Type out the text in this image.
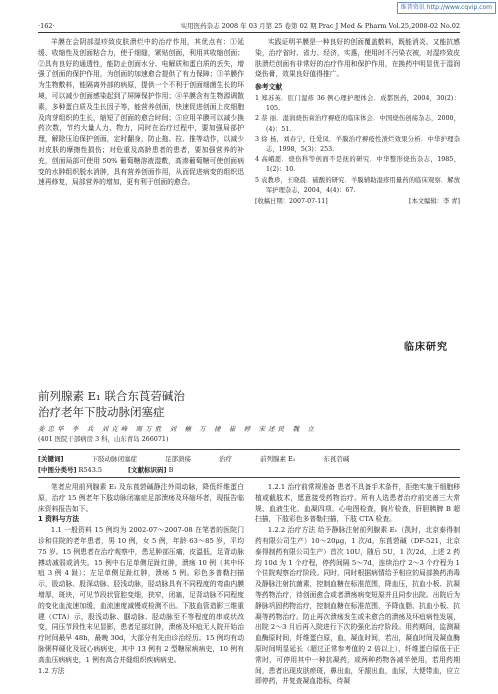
维普资讯 http://www.cqvip.com
·162·	实用医药杂志 2008 年 03 月第 25 卷第 02 期 Prac J Med & Pharm Vol.25,2008-02 No.02

羊膜在会阴部湿疹致皮肤溃烂中的治疗作用，其优点有：①延缓、收缩性及创面粘合力，使于细缝，紧贴创面，利用其收缩创面；②具有良好的通透性，能防止创面水分、电解质和蛋白质的丢失，增强了创面的保护作用，为创面的加速愈合提供了有力保障；③羊膜作为生物敷料，能隔离外部的病原，提供一个不利于创面细菌生长的环境，可以减少创面感染起到了屏障保护作用；④羊膜含有生物源调散素，多种蛋白质及生长因子等，能营养创面，快速促进创面上皮细胞及肉芽组织的生长，缩短了创面的愈合时间；⑤应用羊膜可以减少换药次数，节约大量人力、物力，同时在治疗过程中，要加强局部护理，解除压迫保护创面，定时翻身，防止拖、拉、推等动作，以减少对皮肤的摩擦性损伤；对危重及高龄患者的患者，要加强营养的补充，创面局部可使用 50% 葡萄糖溶液湿敷，高渗葡萄糖可使创面病变的水肿组织脱水消肿，具有营养创面作用，从而促进病变的组织迅速再修复，局部营养的增加，更有利于创面的愈合。

实践证明羊膜是一种良好的创面覆盖敷料，既能消炎、又能抗感染，治疗省时、省力、经济，实惠，使用时不污染衣被，对湿疹致皮肤溃烂创面有非常好的治疗作用和保护作用，在换药中明显优于湿润烧伤膏，效果良好值得推广。

参考文献
1 郑苏英．肛门湿疹 36 例心理护理体会．成都医药，2004，30(2)：105.
2 萘 丽．湿润烧伤膏治疗褥疮的临床体会．中国烧伤创疡杂志，2000，(4)：51.
3 徐 杨，刘春宁，任爱凤．羊膜治疗褥疮性溃烂效果分析．中华护理杂志，1998，5(3)：253.
4 高峨愿．烧伤科等创面不是抚的研究．中华整形烧伤杂志，1985，1(2)：10.
5 袁教珍，王晓晨．硫酸的研究．羊膜辅助湿疹用量药的临床观察．解放军护理杂志，2004，4(4)：67.
[收稿日期：2007-07-11]	[本文编辑：李 青]
临床研究
前列腺素 E₁ 联合东莨菪碱治
治疗老年下肢动脉闭塞症
姜忠华 李 兵 刘克峰 周万胜 刘 楠 万 捷 崔 婷 宋述民 魏 立
(401 医院干部病房 3 科，山东青岛 266071)
[关键词]	下肢动脉闭塞症	足部溃疡	治疗	前列腺素 E₁	东莨菪碱
[中图分类号] R543.5	[文献标识码] B

笔者应用前列腺素 E₁ 及东莨菪碱静注外周动脉，降低纤维蛋白原，治疗 15 例老年下肢动脉闭塞症足部溃疡及环缩坏者，现报告临床资料报告如下。

1 资料与方法

1.1 一般资料 15 例均为 2002-07～2007-08 在笔者的医院门诊和住院的老年患者，男 10 例，女 5 例，年龄 63～85 岁，平均 75 岁。15 例患者在治疗观察中，患足肿部压痛，皮温低，足背动脉搏动减弱或消失。15 例中右足单侧足趾红肿，溃疡 10 例（其中坏疽 3 例 4 趾）；左足单侧足趾红肿，溃疡 5 例。彩色多普勒扫描示，股动脉、股深动脉、胫浅动脉，胫动脉具有不同程度的弯曲内膜增厚，斑块，可见节段状管腔变细，狭窄，闭塞，足背动脉不同程度的变化血流速加缓，血流速度减慢或检测不出。下肢血管造影三维重建（CTA）示，股浅动脉、腘动脉、胫动脉至不等程度的串或状改变，同压节段性末见显影，患者足部红肿，溃疡及坏疽无人院开始治疗时间最早 48h，最晚 30d，大部分有先由诊治经历。15 例均有动脉粥样硬化及冠心病病史，其中 13 例有 2 型糖尿病病史，10 例有高血压病病史，1 例有高合并缝组织疾病病史。

1.2 方法

1.2.1 治疗前常规准备 患者不具备手术条件，拒绝实施干细胞移植或截肢术，愿意接受药物治疗。所有人选患者治疗前完善三大常规、血液生化、血凝四项、心电图检查，胸片检查，肝胆胰脾 B 超扫描，下肢彩色多普勒扫描，下肢 CTA 检查。

1.2.2 治疗方法 给予静脉注射前列腺素 E₁（凯时，北京泰得制药有限公司生产）10～20μg，1 次/d。东莨菪碱（DF-521，北京泰得制药有限公司生产）首次 10U，随后 5U，1 次/2d，上述 2 药均 10d 为 1 个疗程，停药间隔 5～7d，连续治疗 2～3 个疗程为 1 个住院观察治疗阶段。同时，同时根据病情给予相应的局部换药消毒及静脉注射抗菌素，控制血糖在标准范围，降血压，抗血小板、抗凝等药物治疗，待创面愈合或者溃疡病变短原并且同步出院。出院后为静脉巩固药物治疗，控制血糖在标准范围，予降血脂、抗血小板、抗凝等药物治疗。防止再次溃疡发生或未愈合的溃疡及坏疽病性发展，出院 2～3 月后再入院进行下次的强化治疗阶段。用药期间，监测凝血酶原时间，纤维蛋白原，血，凝血时间，若出，凝血时间及凝血酶原时间明显延长（超过正常参考值的 2 倍以上），纤维蛋白原低于正常时，可停用其中一种抗凝药，或两种药物各减半使用，若用药期间，患者出现皮肤瘀斑，鼻出血，牙龈出血，血尿，大便带血，应立即停药，并复查凝血指标，待凝
